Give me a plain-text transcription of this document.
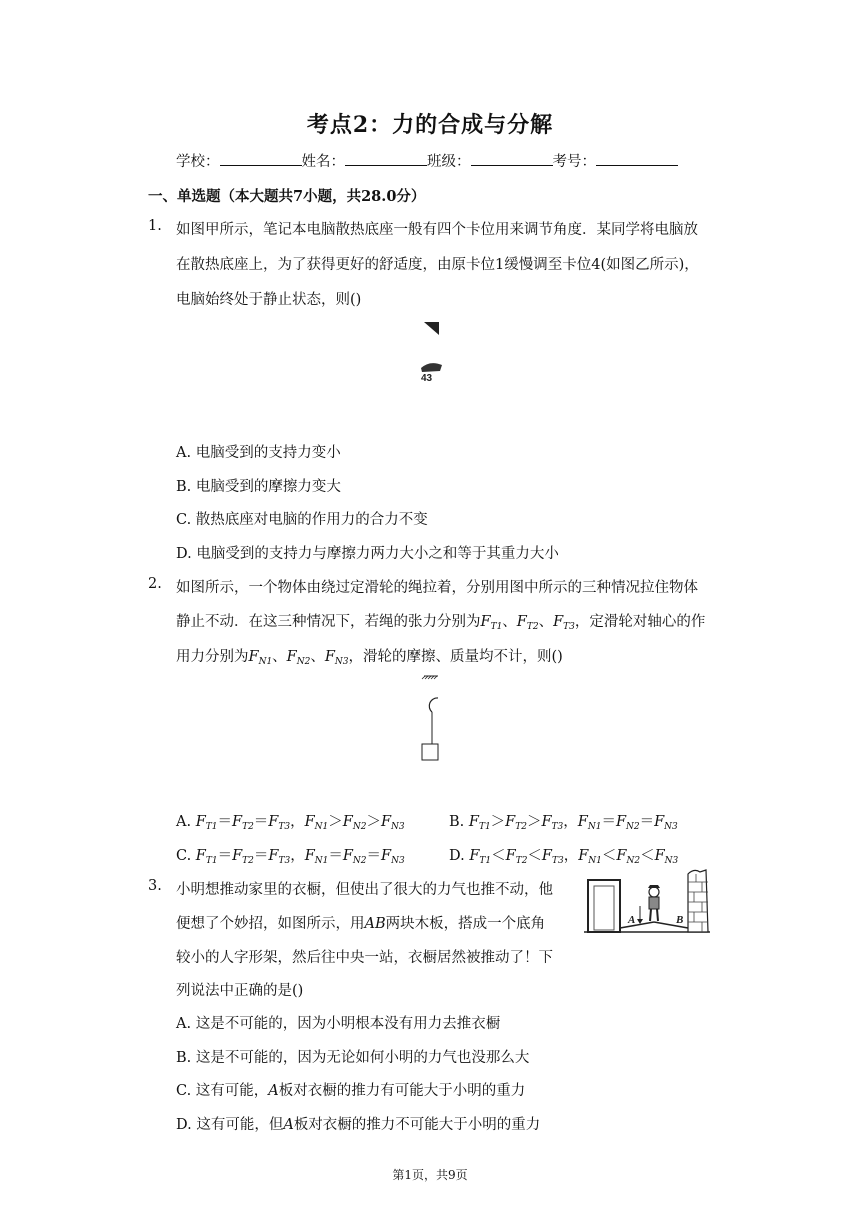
考点2：力的合成与分解
学校：	姓名：	班级：	考号：
一、单选题（本大题共7小题，共28.0分）
1. 如图甲所示，笔记本电脑散热底座一般有四个卡位用来调节角度．某同学将电脑放
在散热底座上，为了获得更好的舒适度，由原卡位1缓慢调至卡位4(如图乙所示)，
电脑始终处于静止状态，则()
43
A. 电脑受到的支持力变小
B. 电脑受到的摩擦力变大
C. 散热底座对电脑的作用力的合力不变
D. 电脑受到的支持力与摩擦力两力大小之和等于其重力大小
2. 如图所示，一个物体由绕过定滑轮的绳拉着，分别用图中所示的三种情况拉住物体
静止不动．在这三种情况下，若绳的张力分别为$F_{T1}$、$F_{T2}$、$F_{T3}$，定滑轮对轴心的作
用力分别为$F_{N1}$、$F_{N2}$、$F_{N3}$，滑轮的摩擦、质量均不计，则()
A. $F_{T1}=F_{T2}=F_{T3}$，$F_{N1}>F_{N2}>F_{N3}$	B. $F_{T1}>F_{T2}>F_{T3}$，$F_{N1}=F_{N2}=F_{N3}$
C. $F_{T1}=F_{T2}=F_{T3}$，$F_{N1}=F_{N2}=F_{N3}$	D. $F_{T1}<F_{T2}<F_{T3}$，$F_{N1}<F_{N2}<F_{N3}$
3. 小明想推动家里的衣橱，但使出了很大的力气也推不动，他
便想了个妙招，如图所示，用AB两块木板，搭成一个底角
较小的人字形架，然后往中央一站，衣橱居然被推动了！下
列说法中正确的是()
A	B
A. 这是不可能的，因为小明根本没有用力去推衣橱
B. 这是不可能的，因为无论如何小明的力气也没那么大
C. 这有可能，A板对衣橱的推力有可能大于小明的重力
D. 这有可能，但A板对衣橱的推力不可能大于小明的重力
第1页，共9页
